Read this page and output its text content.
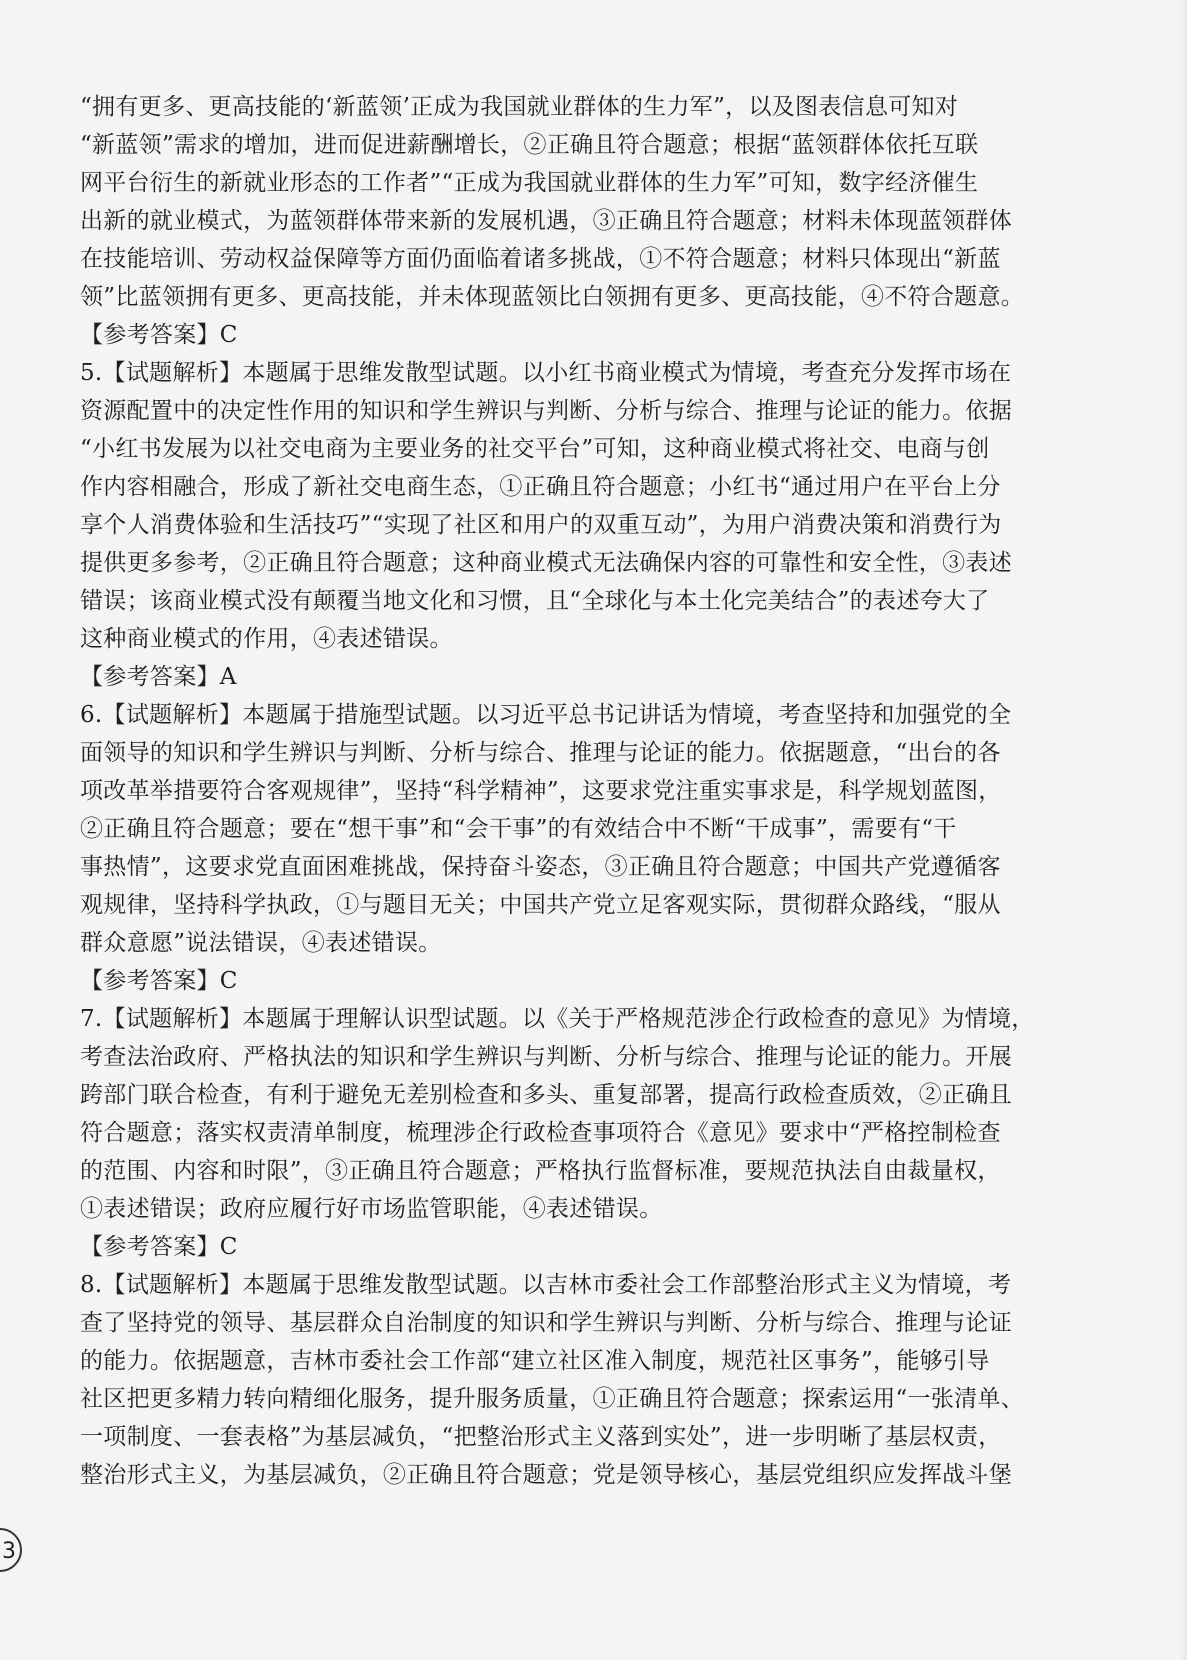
“拥有更多、更高技能的‘新蓝领’正成为我国就业群体的生力军”，以及图表信息可知对
“新蓝领”需求的增加，进而促进薪酬增长，②正确且符合题意；根据“蓝领群体依托互联
网平台衍生的新就业形态的工作者”“正成为我国就业群体的生力军”可知，数字经济催生
出新的就业模式，为蓝领群体带来新的发展机遇，③正确且符合题意；材料未体现蓝领群体
在技能培训、劳动权益保障等方面仍面临着诸多挑战，①不符合题意；材料只体现出“新蓝
领”比蓝领拥有更多、更高技能，并未体现蓝领比白领拥有更多、更高技能，④不符合题意。
【参考答案】C
5.【试题解析】本题属于思维发散型试题。以小红书商业模式为情境，考查充分发挥市场在
资源配置中的决定性作用的知识和学生辨识与判断、分析与综合、推理与论证的能力。依据
“小红书发展为以社交电商为主要业务的社交平台”可知，这种商业模式将社交、电商与创
作内容相融合，形成了新社交电商生态，①正确且符合题意；小红书“通过用户在平台上分
享个人消费体验和生活技巧”“实现了社区和用户的双重互动”，为用户消费决策和消费行为
提供更多参考，②正确且符合题意；这种商业模式无法确保内容的可靠性和安全性，③表述
错误；该商业模式没有颠覆当地文化和习惯，且“全球化与本土化完美结合”的表述夸大了
这种商业模式的作用，④表述错误。
【参考答案】A
6.【试题解析】本题属于措施型试题。以习近平总书记讲话为情境，考查坚持和加强党的全
面领导的知识和学生辨识与判断、分析与综合、推理与论证的能力。依据题意，“出台的各
项改革举措要符合客观规律”，坚持“科学精神”，这要求党注重实事求是，科学规划蓝图，
②正确且符合题意；要在“想干事”和“会干事”的有效结合中不断“干成事”，需要有“干
事热情”，这要求党直面困难挑战，保持奋斗姿态，③正确且符合题意；中国共产党遵循客
观规律，坚持科学执政，①与题目无关；中国共产党立足客观实际，贯彻群众路线，“服从
群众意愿”说法错误，④表述错误。
【参考答案】C
7.【试题解析】本题属于理解认识型试题。以《关于严格规范涉企行政检查的意见》为情境，
考查法治政府、严格执法的知识和学生辨识与判断、分析与综合、推理与论证的能力。开展
跨部门联合检查，有利于避免无差别检查和多头、重复部署，提高行政检查质效，②正确且
符合题意；落实权责清单制度，梳理涉企行政检查事项符合《意见》要求中“严格控制检查
的范围、内容和时限”，③正确且符合题意；严格执行监督标准，要规范执法自由裁量权，
①表述错误；政府应履行好市场监管职能，④表述错误。
【参考答案】C
8.【试题解析】本题属于思维发散型试题。以吉林市委社会工作部整治形式主义为情境，考
查了坚持党的领导、基层群众自治制度的知识和学生辨识与判断、分析与综合、推理与论证
的能力。依据题意，吉林市委社会工作部“建立社区准入制度，规范社区事务”，能够引导
社区把更多精力转向精细化服务，提升服务质量，①正确且符合题意；探索运用“一张清单、
一项制度、一套表格”为基层减负，“把整治形式主义落到实处”，进一步明晰了基层权责，
整治形式主义，为基层减负，②正确且符合题意；党是领导核心，基层党组织应发挥战斗堡
3
